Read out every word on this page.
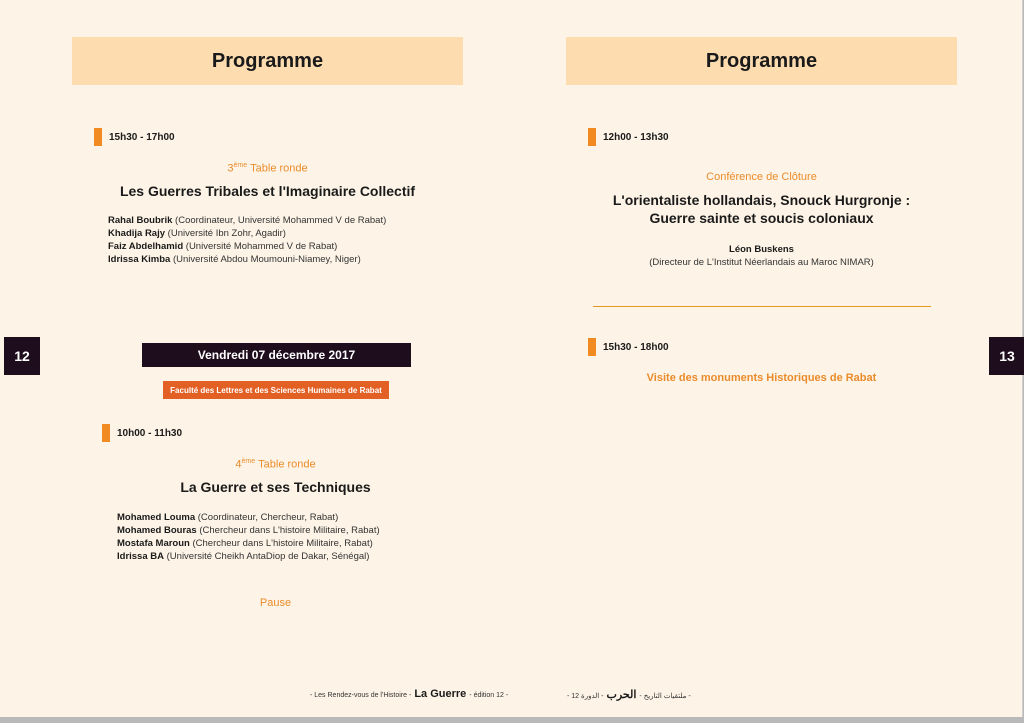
Programme
15h30 - 17h00
3ème Table ronde
Les Guerres Tribales et l'Imaginaire Collectif
Rahal Boubrik (Coordinateur, Université Mohammed V de Rabat)
Khadija Rajy (Université Ibn Zohr, Agadir)
Faiz Abdelhamid (Université Mohammed V de Rabat)
Idrissa Kimba (Université Abdou Moumouni-Niamey, Niger)
12	Vendredi 07 décembre 2017
Faculté des Lettres et des Sciences Humaines de Rabat
10h00 - 11h30
4ème Table ronde
La Guerre et ses Techniques
Mohamed Louma (Coordinateur, Chercheur, Rabat)
Mohamed Bouras (Chercheur dans L'histoire Militaire, Rabat)
Mostafa Maroun (Chercheur dans L'histoire Militaire, Rabat)
Idrissa BA (Université Cheikh AntaDiop de Dakar, Sénégal)
Pause
- Les Rendez-vous de l'Histoire - La Guerre - édition 12 -
Programme
12h00 - 13h30
Conférence de Clôture
L'orientaliste hollandais, Snouck Hurgronje :
Guerre sainte et soucis coloniaux
Léon Buskens
(Directeur de L'Institut Néerlandais au Maroc NIMAR)
15h30 - 18h00
Visite des monuments Historiques de Rabat
13
- الدورة 12 - الحرب - ملتقيات التاريخ -
